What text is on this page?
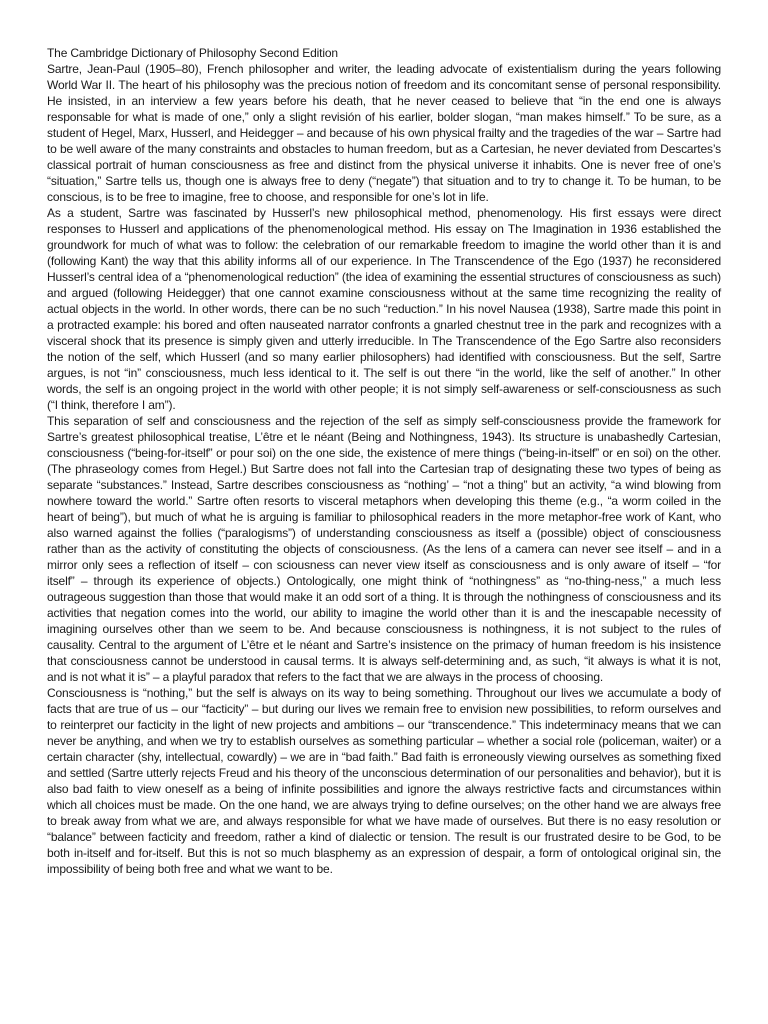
The Cambridge Dictionary of Philosophy Second Edition

Sartre, Jean-Paul (1905–80), French philosopher and writer, the leading advocate of existentialism during the years following World War II. The heart of his philosophy was the precious notion of freedom and its concomitant sense of personal responsibility. He insisted, in an interview a few years before his death, that he never ceased to believe that “in the end one is always responsable for what is made of one,” only a slight revisión of his earlier, bolder slogan, “man makes himself.” To be sure, as a student of Hegel, Marx, Husserl, and Heidegger – and because of his own physical frailty and the tragedies of the war – Sartre had to be well aware of the many constraints and obstacles to human freedom, but as a Cartesian, he never deviated from Descartes’s classical portrait of human consciousness as free and distinct from the physical universe it inhabits. One is never free of one’s “situation,” Sartre tells us, though one is always free to deny (“negate”) that situation and to try to change it. To be human, to be conscious, is to be free to imagine, free to choose, and responsible for one’s lot in life.

As a student, Sartre was fascinated by Husserl’s new philosophical method, phenomenology. His first essays were direct responses to Husserl and applications of the phenomenological method. His essay on The Imagination in 1936 established the groundwork for much of what was to follow: the celebration of our remarkable freedom to imagine the world other than it is and (following Kant) the way that this ability informs all of our experience. In The Transcendence of the Ego (1937) he reconsidered Husserl’s central idea of a “phenomenological reduction” (the idea of examining the essential structures of consciousness as such) and argued (following Heidegger) that one cannot examine consciousness without at the same time recognizing the reality of actual objects in the world. In other words, there can be no such “reduction.” In his novel Nausea (1938), Sartre made this point in a protracted example: his bored and often nauseated narrator confronts a gnarled chestnut tree in the park and recognizes with a visceral shock that its presence is simply given and utterly irreducible. In The Transcendence of the Ego Sartre also reconsiders the notion of the self, which Husserl (and so many earlier philosophers) had identified with consciousness. But the self, Sartre argues, is not “in” consciousness, much less identical to it. The self is out there “in the world, like the self of another.” In other words, the self is an ongoing project in the world with other people; it is not simply self-awareness or self-consciousness as such (“I think, therefore I am”).

This separation of self and consciousness and the rejection of the self as simply self-consciousness provide the framework for Sartre’s greatest philosophical treatise, L’être et le néant (Being and Nothingness, 1943). Its structure is unabashedly Cartesian, consciousness (“being-for-itself” or pour soi) on the one side, the existence of mere things (“being-in-itself” or en soi) on the other. (The phraseology comes from Hegel.) But Sartre does not fall into the Cartesian trap of designating these two types of being as separate “substances.” Instead, Sartre describes consciousness as “nothing’ – “not a thing” but an activity, “a wind blowing from nowhere toward the world.” Sartre often resorts to visceral metaphors when developing this theme (e.g., “a worm coiled in the heart of being”), but much of what he is arguing is familiar to philosophical readers in the more metaphor-free work of Kant, who also warned against the follies (“paralogisms”) of understanding consciousness as itself a (possible) object of consciousness rather than as the activity of constituting the objects of consciousness. (As the lens of a camera can never see itself – and in a mirror only sees a reflection of itself – con sciousness can never view itself as consciousness and is only aware of itself – “for itself” – through its experience of objects.) Ontologically, one might think of “nothingness” as “no-thing-ness,” a much less outrageous suggestion than those that would make it an odd sort of a thing. It is through the nothingness of consciousness and its activities that negation comes into the world, our ability to imagine the world other than it is and the inescapable necessity of imagining ourselves other than we seem to be. And because consciousness is nothingness, it is not subject to the rules of causality. Central to the argument of L’être et le néant and Sartre’s insistence on the primacy of human freedom is his insistence that consciousness cannot be understood in causal terms. It is always self-determining and, as such, “it always is what it is not, and is not what it is” – a playful paradox that refers to the fact that we are always in the process of choosing.

Consciousness is “nothing,” but the self is always on its way to being something. Throughout our lives we accumulate a body of facts that are true of us – our “facticity” – but during our lives we remain free to envision new possibilities, to reform ourselves and to reinterpret our facticity in the light of new projects and ambitions – our “transcendence.” This indeterminacy means that we can never be anything, and when we try to establish ourselves as something particular – whether a social role (policeman, waiter) or a certain character (shy, intellectual, cowardly) – we are in “bad faith.” Bad faith is erroneously viewing ourselves as something fixed and settled (Sartre utterly rejects Freud and his theory of the unconscious determination of our personalities and behavior), but it is also bad faith to view oneself as a being of infinite possibilities and ignore the always restrictive facts and circumstances within which all choices must be made. On the one hand, we are always trying to define ourselves; on the other hand we are always free to break away from what we are, and always responsible for what we have made of ourselves. But there is no easy resolution or “balance” between facticity and freedom, rather a kind of dialectic or tension. The result is our frustrated desire to be God, to be both in-itself and for-itself. But this is not so much blasphemy as an expression of despair, a form of ontological original sin, the impossibility of being both free and what we want to be.
